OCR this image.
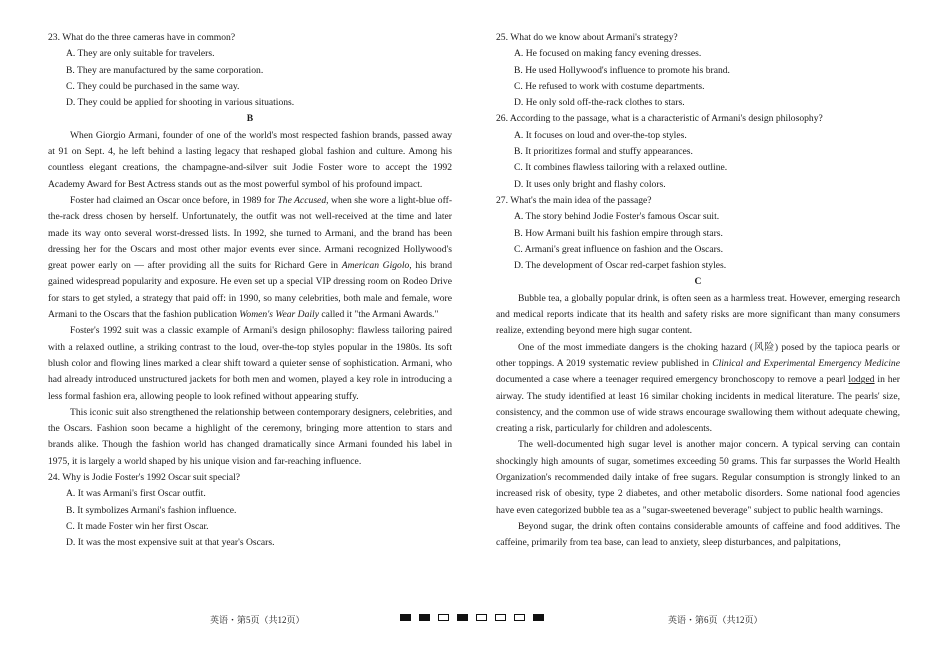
23. What do the three cameras have in common?
A. They are only suitable for travelers.
B. They are manufactured by the same corporation.
C. They could be purchased in the same way.
D. They could be applied for shooting in various situations.
B

When Giorgio Armani, founder of one of the world's most respected fashion brands, passed away at 91 on Sept. 4, he left behind a lasting legacy that reshaped global fashion and culture. Among his countless elegant creations, the champagne-and-silver suit Jodie Foster wore to accept the 1992 Academy Award for Best Actress stands out as the most powerful symbol of his profound impact.

Foster had claimed an Oscar once before, in 1989 for The Accused, when she wore a light-blue off-the-rack dress chosen by herself. Unfortunately, the outfit was not well-received at the time and later made its way onto several worst-dressed lists. In 1992, she turned to Armani, and the brand has been dressing her for the Oscars and most other major events ever since. Armani recognized Hollywood's great power early on — after providing all the suits for Richard Gere in American Gigolo, his brand gained widespread popularity and exposure. He even set up a special VIP dressing room on Rodeo Drive for stars to get styled, a strategy that paid off: in 1990, so many celebrities, both male and female, wore Armani to the Oscars that the fashion publication Women's Wear Daily called it "the Armani Awards."

Foster's 1992 suit was a classic example of Armani's design philosophy: flawless tailoring paired with a relaxed outline, a striking contrast to the loud, over-the-top styles popular in the 1980s. Its soft blush color and flowing lines marked a clear shift toward a quieter sense of sophistication. Armani, who had already introduced unstructured jackets for both men and women, played a key role in introducing a less formal fashion era, allowing people to look refined without appearing stuffy.

This iconic suit also strengthened the relationship between contemporary designers, celebrities, and the Oscars. Fashion soon became a highlight of the ceremony, bringing more attention to stars and brands alike. Though the fashion world has changed dramatically since Armani founded his label in 1975, it is largely a world shaped by his unique vision and far-reaching influence.

24. Why is Jodie Foster's 1992 Oscar suit special?
A. It was Armani's first Oscar outfit.
B. It symbolizes Armani's fashion influence.
C. It made Foster win her first Oscar.
D. It was the most expensive suit at that year's Oscars.
25. What do we know about Armani's strategy?
A. He focused on making fancy evening dresses.
B. He used Hollywood's influence to promote his brand.
C. He refused to work with costume departments.
D. He only sold off-the-rack clothes to stars.
26. According to the passage, what is a characteristic of Armani's design philosophy?
A. It focuses on loud and over-the-top styles.
B. It prioritizes formal and stuffy appearances.
C. It combines flawless tailoring with a relaxed outline.
D. It uses only bright and flashy colors.
27. What's the main idea of the passage?
A. The story behind Jodie Foster's famous Oscar suit.
B. How Armani built his fashion empire through stars.
C. Armani's great influence on fashion and the Oscars.
D. The development of Oscar red-carpet fashion styles.
C

Bubble tea, a globally popular drink, is often seen as a harmless treat. However, emerging research and medical reports indicate that its health and safety risks are more significant than many consumers realize, extending beyond mere high sugar content.

One of the most immediate dangers is the choking hazard (风险) posed by the tapioca pearls or other toppings. A 2019 systematic review published in Clinical and Experimental Emergency Medicine documented a case where a teenager required emergency bronchoscopy to remove a pearl lodged in her airway. The study identified at least 16 similar choking incidents in medical literature. The pearls' size, consistency, and the common use of wide straws encourage swallowing them without adequate chewing, creating a risk, particularly for children and adolescents.

The well-documented high sugar level is another major concern. A typical serving can contain shockingly high amounts of sugar, sometimes exceeding 50 grams. This far surpasses the World Health Organization's recommended daily intake of free sugars. Regular consumption is strongly linked to an increased risk of obesity, type 2 diabetes, and other metabolic disorders. Some national food agencies have even categorized bubble tea as a "sugar-sweetened beverage" subject to public health warnings.

Beyond sugar, the drink often contains considerable amounts of caffeine and food additives. The caffeine, primarily from tea base, can lead to anxiety, sleep disturbances, and palpitations,

英语・第5页（共12页）	英语・第6页（共12页）
